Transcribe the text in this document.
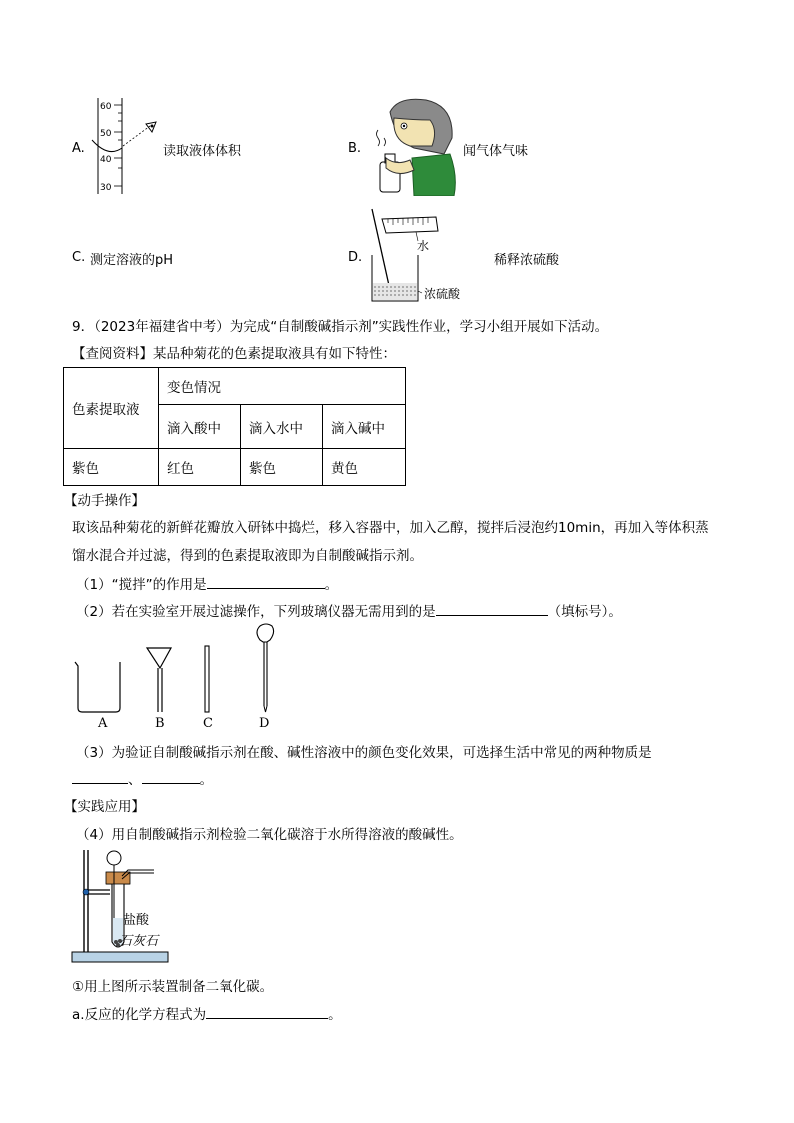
A.
60
50
40
30
读取液体体积	B.	闻气体气味
C. 测定溶液的pH	D.
水
浓硫酸
稀释浓硫酸
9．（2023年福建省中考）为完成“自制酸碱指示剂”实践性作业，学习小组开展如下活动。
【查阅资料】某品种菊花的色素提取液具有如下特性：
色素提取液	变色情况		
	滴入酸中	滴入水中	滴入碱中
紫色	红色	紫色	黄色
【动手操作】
取该品种菊花的新鲜花瓣放入研钵中捣烂，移入容器中，加入乙醇，搅拌后浸泡约10min，再加入等体积蒸
馏水混合并过滤，得到的色素提取液即为自制酸碱指示剂。
（1）“搅拌”的作用是	。
（2）若在实验室开展过滤操作，下列玻璃仪器无需用到的是	（填标号）。
A	B	C	D
（3）为验证自制酸碱指示剂在酸、碱性溶液中的颜色变化效果，可选择生活中常见的两种物质是
、	。
【实践应用】
（4）用自制酸碱指示剂检验二氧化碳溶于水所得溶液的酸碱性。
盐酸
石灰石
①用上图所示装置制备二氧化碳。
a.反应的化学方程式为	。
